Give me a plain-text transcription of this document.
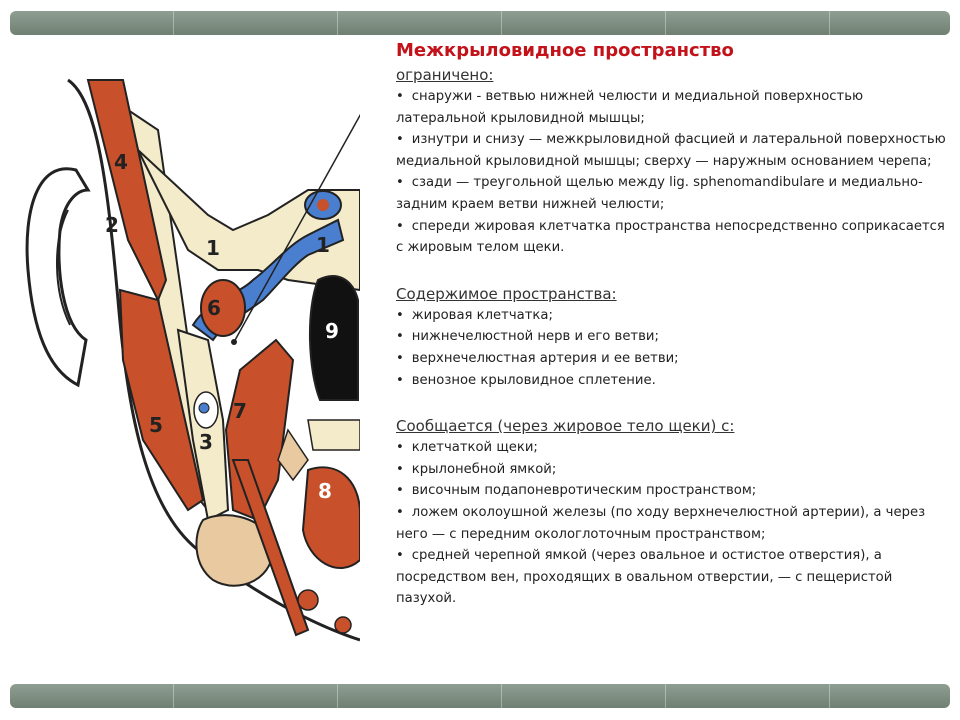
1	1
2
3
4
5
6
7
8
9

Межкрыловидное пространство

ограничено:

• снаружи - ветвью нижней челюсти и медиальной поверхностью латеральной крыловидной мышцы;

• изнутри и снизу — межкрыловидной фасцией и латеральной поверхностью медиальной крыловидной мышцы; сверху — наружным основанием черепа;

• сзади — треугольной щелью между lig. sphenomandibulare и медиально-задним краем ветви нижней челюсти;

• спереди жировая клетчатка пространства непосредственно соприкасается с жировым телом щеки.

Содержимое пространства:

• жировая клетчатка;

• нижнечелюстной нерв и его ветви;

• верхнечелюстная артерия и ее ветви;

• венозное крыловидное сплетение.

Сообщается (через жировое тело щеки) с:

• клетчаткой щеки;

• крылонебной ямкой;

• височным подапоневротическим пространством;

• ложем околоушной железы (по ходу верхнечелюстной артерии), а через него — с передним окологлоточным пространством;

• средней черепной ямкой (через овальное и остистое отверстия), а посредством вен, проходящих в овальном отверстии, — с пещеристой пазухой.
